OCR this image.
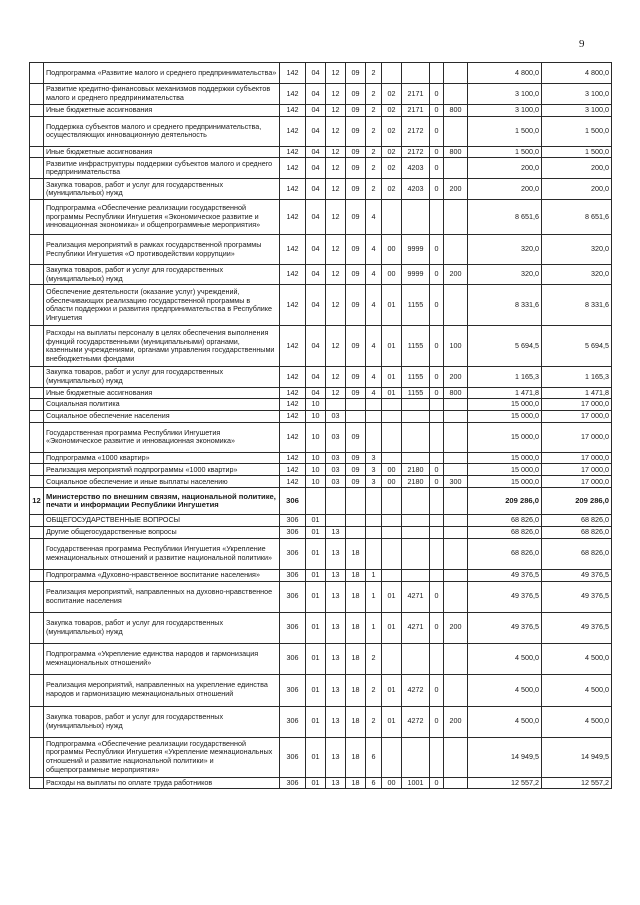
9
	Подпрограмма «Развитие малого и среднего предпринимательства»	142	04	12	09	2					4 800,0	4 800,0
	Развитие кредитно-финансовых механизмов поддержки субъектов малого и среднего предпринимательства	142	04	12	09	2	02	2171	0		3 100,0	3 100,0
	Иные бюджетные ассигнования	142	04	12	09	2	02	2171	0	800	3 100,0	3 100,0
	Поддержка субъектов малого и среднего предпринимательства, осуществляющих инновационную деятельность	142	04	12	09	2	02	2172	0		1 500,0	1 500,0
	Иные бюджетные ассигнования	142	04	12	09	2	02	2172	0	800	1 500,0	1 500,0
	Развитие инфраструктуры поддержки субъектов малого и среднего предпринимательства	142	04	12	09	2	02	4203	0		200,0	200,0
	Закупка товаров, работ и услуг для государственных (муниципальных) нужд	142	04	12	09	2	02	4203	0	200	200,0	200,0
	Подпрограмма «Обеспечение реализации государственной программы Республики Ингушетия «Экономическое развитие и инновационная экономика» и общепрограммные мероприятия»	142	04	12	09	4					8 651,6	8 651,6
	Реализация мероприятий в рамках государственной программы Республики Ингушетия «О противодействии коррупции»	142	04	12	09	4	00	9999	0		320,0	320,0
	Закупка товаров, работ и услуг для государственных (муниципальных) нужд	142	04	12	09	4	00	9999	0	200	320,0	320,0
	Обеспечение деятельности (оказание услуг) учреждений, обеспечивающих реализацию государственной программы в области поддержки и развития предпринимательства в Республике Ингушетия	142	04	12	09	4	01	1155	0		8 331,6	8 331,6
	Расходы на выплаты персоналу в целях обеспечения выполнения функций государственными (муниципальными) органами, казенными учреждениями, органами управления государственными внебюджетными фондами	142	04	12	09	4	01	1155	0	100	5 694,5	5 694,5
	Закупка товаров, работ и услуг для государственных (муниципальных) нужд	142	04	12	09	4	01	1155	0	200	1 165,3	1 165,3
	Иные бюджетные ассигнования	142	04	12	09	4	01	1155	0	800	1 471,8	1 471,8
	Социальная политика	142	10								15 000,0	17 000,0
	Социальное обеспечение населения	142	10	03							15 000,0	17 000,0
	Государственная программа Республики Ингушетия «Экономическое развитие и инновационная экономика»	142	10	03	09						15 000,0	17 000,0
	Подпрограмма «1000 квартир»	142	10	03	09	3					15 000,0	17 000,0
	Реализация мероприятий подпрограммы «1000 квартир»	142	10	03	09	3	00	2180	0		15 000,0	17 000,0
	Социальное обеспечение и иные выплаты населению	142	10	03	09	3	00	2180	0	300	15 000,0	17 000,0
12	Министерство по внешним связям, национальной политике, печати и информации Республики Ингушетия	306									209 286,0	209 286,0
	ОБЩЕГОСУДАРСТВЕННЫЕ ВОПРОСЫ	306	01								68 826,0	68 826,0
	Другие общегосударственные вопросы	306	01	13							68 826,0	68 826,0
	Государственная программа Республики Ингушетия «Укрепление межнациональных отношений и развитие национальной политики»	306	01	13	18						68 826,0	68 826,0
	Подпрограмма «Духовно-нравственное воспитание населения»	306	01	13	18	1					49 376,5	49 376,5
	Реализация мероприятий, направленных на духовно-нравственное воспитание населения	306	01	13	18	1	01	4271	0		49 376,5	49 376,5
	Закупка товаров, работ и услуг для государственных (муниципальных) нужд	306	01	13	18	1	01	4271	0	200	49 376,5	49 376,5
	Подпрограмма «Укрепление единства народов и гармонизация межнациональных отношений»	306	01	13	18	2					4 500,0	4 500,0
	Реализация мероприятий, направленных на укрепление единства народов и гармонизацию межнациональных отношений	306	01	13	18	2	01	4272	0		4 500,0	4 500,0
	Закупка товаров, работ и услуг для государственных (муниципальных) нужд	306	01	13	18	2	01	4272	0	200	4 500,0	4 500,0
	Подпрограмма «Обеспечение реализации государственной программы Республики Ингушетия «Укрепление межнациональных отношений и развитие национальной политики» и общепрограммные мероприятия»	306	01	13	18	6					14 949,5	14 949,5
	Расходы на выплаты по оплате труда работников	306	01	13	18	6	00	1001	0		12 557,2	12 557,2
